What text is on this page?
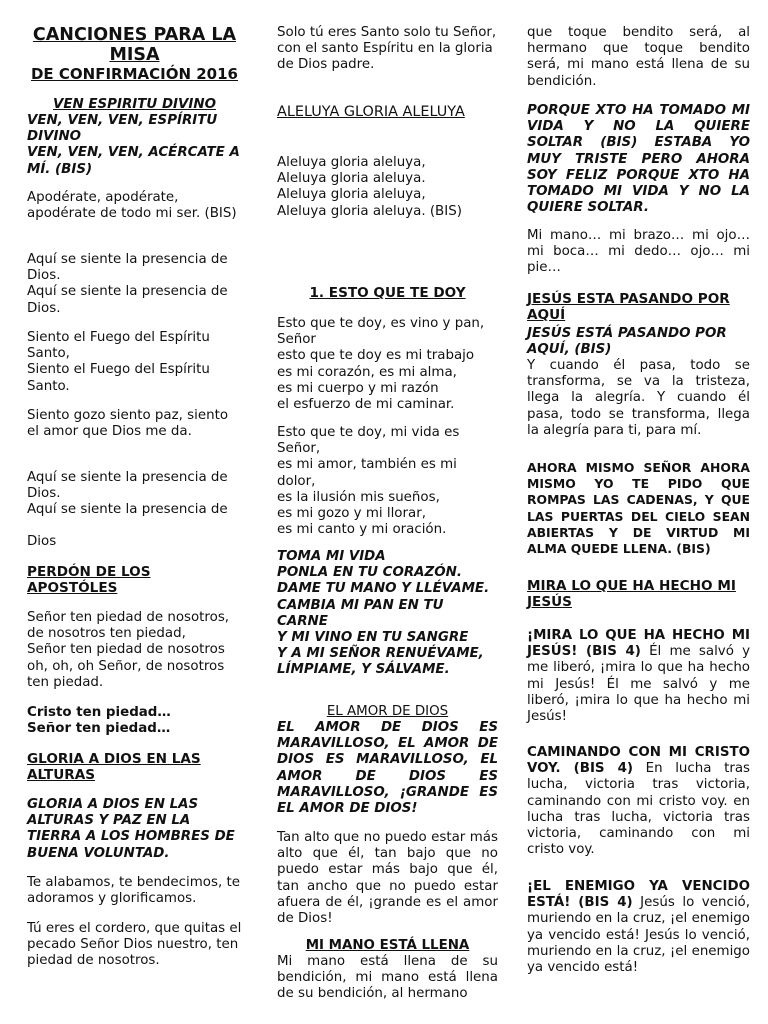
CANCIONES PARA LA MISA
DE CONFIRMACIÓN 2016
VEN ESPIRITU DIVINO
VEN, VEN, VEN, ESPÍRITU DIVINO
VEN, VEN, VEN, ACÉRCATE A MÍ. (BIS)
Apodérate, apodérate, apodérate de todo mi ser. (BIS)
Aquí se siente la presencia de Dios.
Aquí se siente la presencia de Dios.
Siento el Fuego del Espíritu Santo,
Siento el Fuego del Espíritu Santo.
Siento gozo siento paz, siento el amor que Dios me da.
Aquí se siente la presencia de Dios.
Aquí se siente la presencia de
Dios
PERDÓN DE LOS APOSTÓLES
Señor ten piedad de nosotros, de nosotros ten piedad,
Señor ten piedad de nosotros oh, oh, oh Señor, de nosotros ten piedad.
Cristo ten piedad…
Señor ten piedad…
GLORIA A DIOS EN LAS ALTURAS
GLORIA A DIOS EN LAS ALTURAS Y PAZ EN LA TIERRA A LOS HOMBRES DE BUENA VOLUNTAD.
Te alabamos, te bendecimos, te adoramos y glorificamos.
Tú eres el cordero, que quitas el pecado Señor Dios nuestro, ten piedad de nosotros.
Solo tú eres Santo solo tu Señor, con el santo Espíritu en la gloria de Dios padre.
ALELUYA GLORIA ALELUYA
Aleluya gloria aleluya,
Aleluya gloria aleluya.
Aleluya gloria aleluya,
Aleluya gloria aleluya. (BIS)
1. ESTO QUE TE DOY
Esto que te doy, es vino y pan, Señor
esto que te doy es mi trabajo
es mi corazón, es mi alma,
es mi cuerpo y mi razón
el esfuerzo de mi caminar.
Esto que te doy, mi vida es Señor,
es mi amor, también es mi dolor,
es la ilusión mis sueños,
es mi gozo y mi llorar,
es mi canto y mi oración.
TOMA MI VIDA
PONLA EN TU CORAZÓN.
DAME TU MANO Y LLÉVAME.
CAMBIA MI PAN EN TU CARNE
Y MI VINO EN TU SANGRE
Y A MI SEÑOR RENUÉVAME, LÍMPIAME, Y SÁLVAME.
EL AMOR DE DIOS
EL AMOR DE DIOS ES MARAVILLOSO, EL AMOR DE DIOS ES MARAVILLOSO, EL AMOR DE DIOS ES MARAVILLOSO, ¡GRANDE ES EL AMOR DE DIOS!
Tan alto que no puedo estar más alto que él, tan bajo que no puedo estar más bajo que él, tan ancho que no puedo estar afuera de él, ¡grande es el amor de Dios!
MI MANO ESTÁ LLENA
Mi mano está llena de su bendición, mi mano está llena de su bendición, al hermano
que toque bendito será, al hermano que toque bendito será, mi mano está llena de su bendición.
PORQUE XTO HA TOMADO MI VIDA Y NO LA QUIERE SOLTAR (BIS) ESTABA YO MUY TRISTE PERO AHORA SOY FELIZ PORQUE XTO HA TOMADO MI VIDA Y NO LA QUIERE SOLTAR.
Mi mano… mi brazo… mi ojo… mi boca… mi dedo… ojo… mi pie…
JESÚS ESTA PASANDO POR AQUÍ
JESÚS ESTÁ PASANDO POR AQUÍ, (BIS)
Y cuando él pasa, todo se transforma, se va la tristeza, llega la alegría. Y cuando él pasa, todo se transforma, llega la alegría para ti, para mí.
AHORA MISMO SEÑOR AHORA MISMO YO TE PIDO QUE ROMPAS LAS CADENAS, Y QUE LAS PUERTAS DEL CIELO SEAN ABIERTAS Y DE VIRTUD MI ALMA QUEDE LLENA. (BIS)
MIRA LO QUE HA HECHO MI JESÚS
¡MIRA LO QUE HA HECHO MI JESÚS! (BIS 4) Él me salvó y me liberó, ¡mira lo que ha hecho mi Jesús! Él me salvó y me liberó, ¡mira lo que ha hecho mi Jesús!
CAMINANDO CON MI CRISTO VOY. (BIS 4) En lucha tras lucha, victoria tras victoria, caminando con mi cristo voy. en lucha tras lucha, victoria tras victoria, caminando con mi cristo voy.
¡EL ENEMIGO YA VENCIDO ESTÁ! (BIS 4) Jesús lo venció, muriendo en la cruz, ¡el enemigo ya vencido está! Jesús lo venció, muriendo en la cruz, ¡el enemigo ya vencido está!
